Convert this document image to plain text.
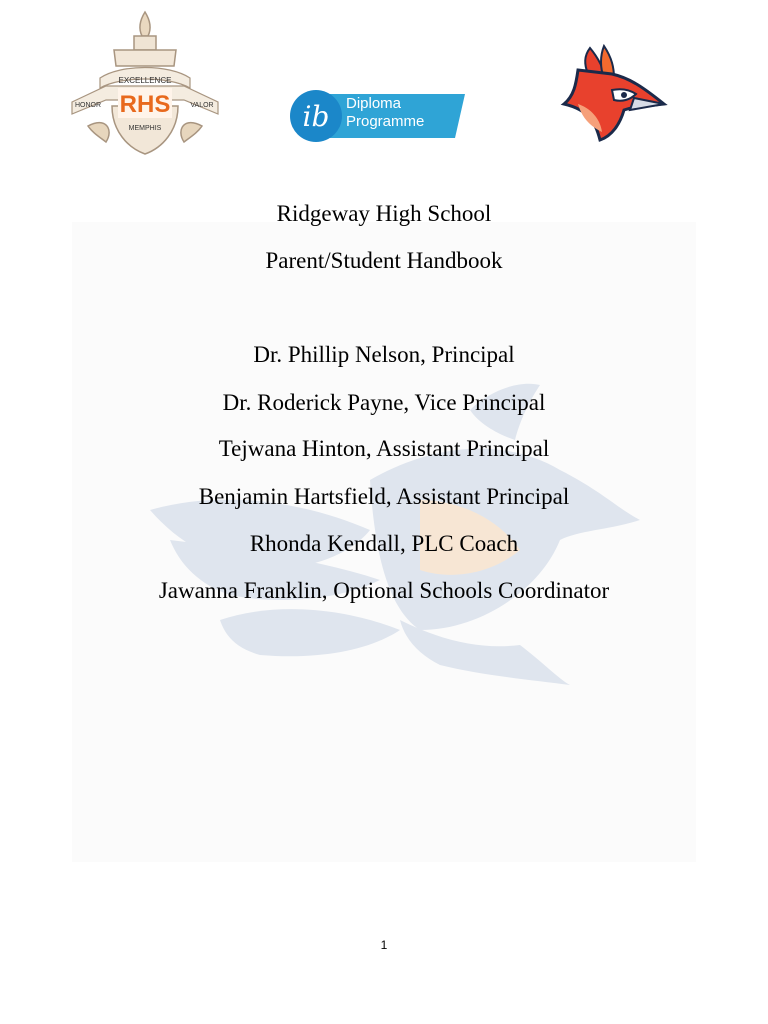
EXCELLENCE
HONOR	VALOR
RHS
MEMPHIS	ib Diploma
Programme
Ridgeway High School
Parent/Student Handbook
Dr. Phillip Nelson, Principal
Dr. Roderick Payne, Vice Principal
Tejwana Hinton, Assistant Principal
Benjamin Hartsfield, Assistant Principal
Rhonda Kendall, PLC Coach
Jawanna Franklin, Optional Schools Coordinator
1
